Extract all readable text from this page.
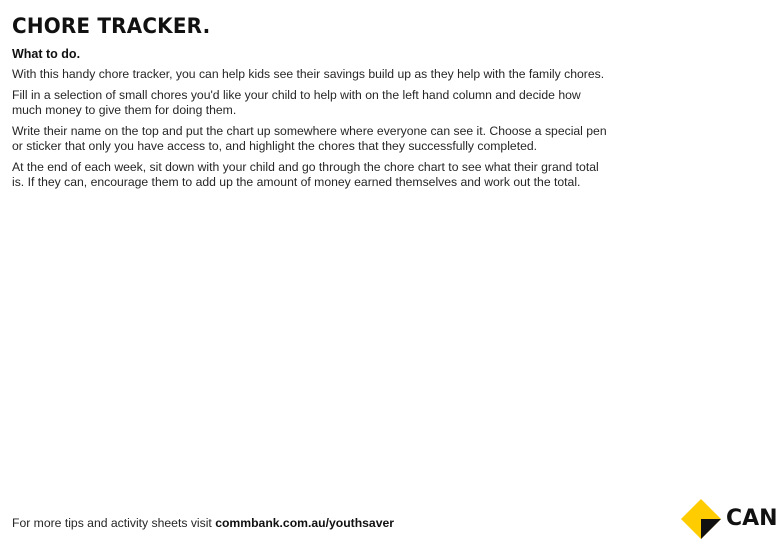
CHORE TRACKER.
What to do.

With this handy chore tracker, you can help kids see their savings build up as they help with the family chores.

Fill in a selection of small chores you'd like your child to help with on the left hand column and decide how much money to give them for doing them.

Write their name on the top and put the chart up somewhere where everyone can see it. Choose a special pen or sticker that only you have access to, and highlight the chores that they successfully completed.

At the end of each week, sit down with your child and go through the chore chart to see what their grand total is. If they can, encourage them to add up the amount of money earned themselves and work out the total.

For more tips and activity sheets visit commbank.com.au/youthsaver	CAN
